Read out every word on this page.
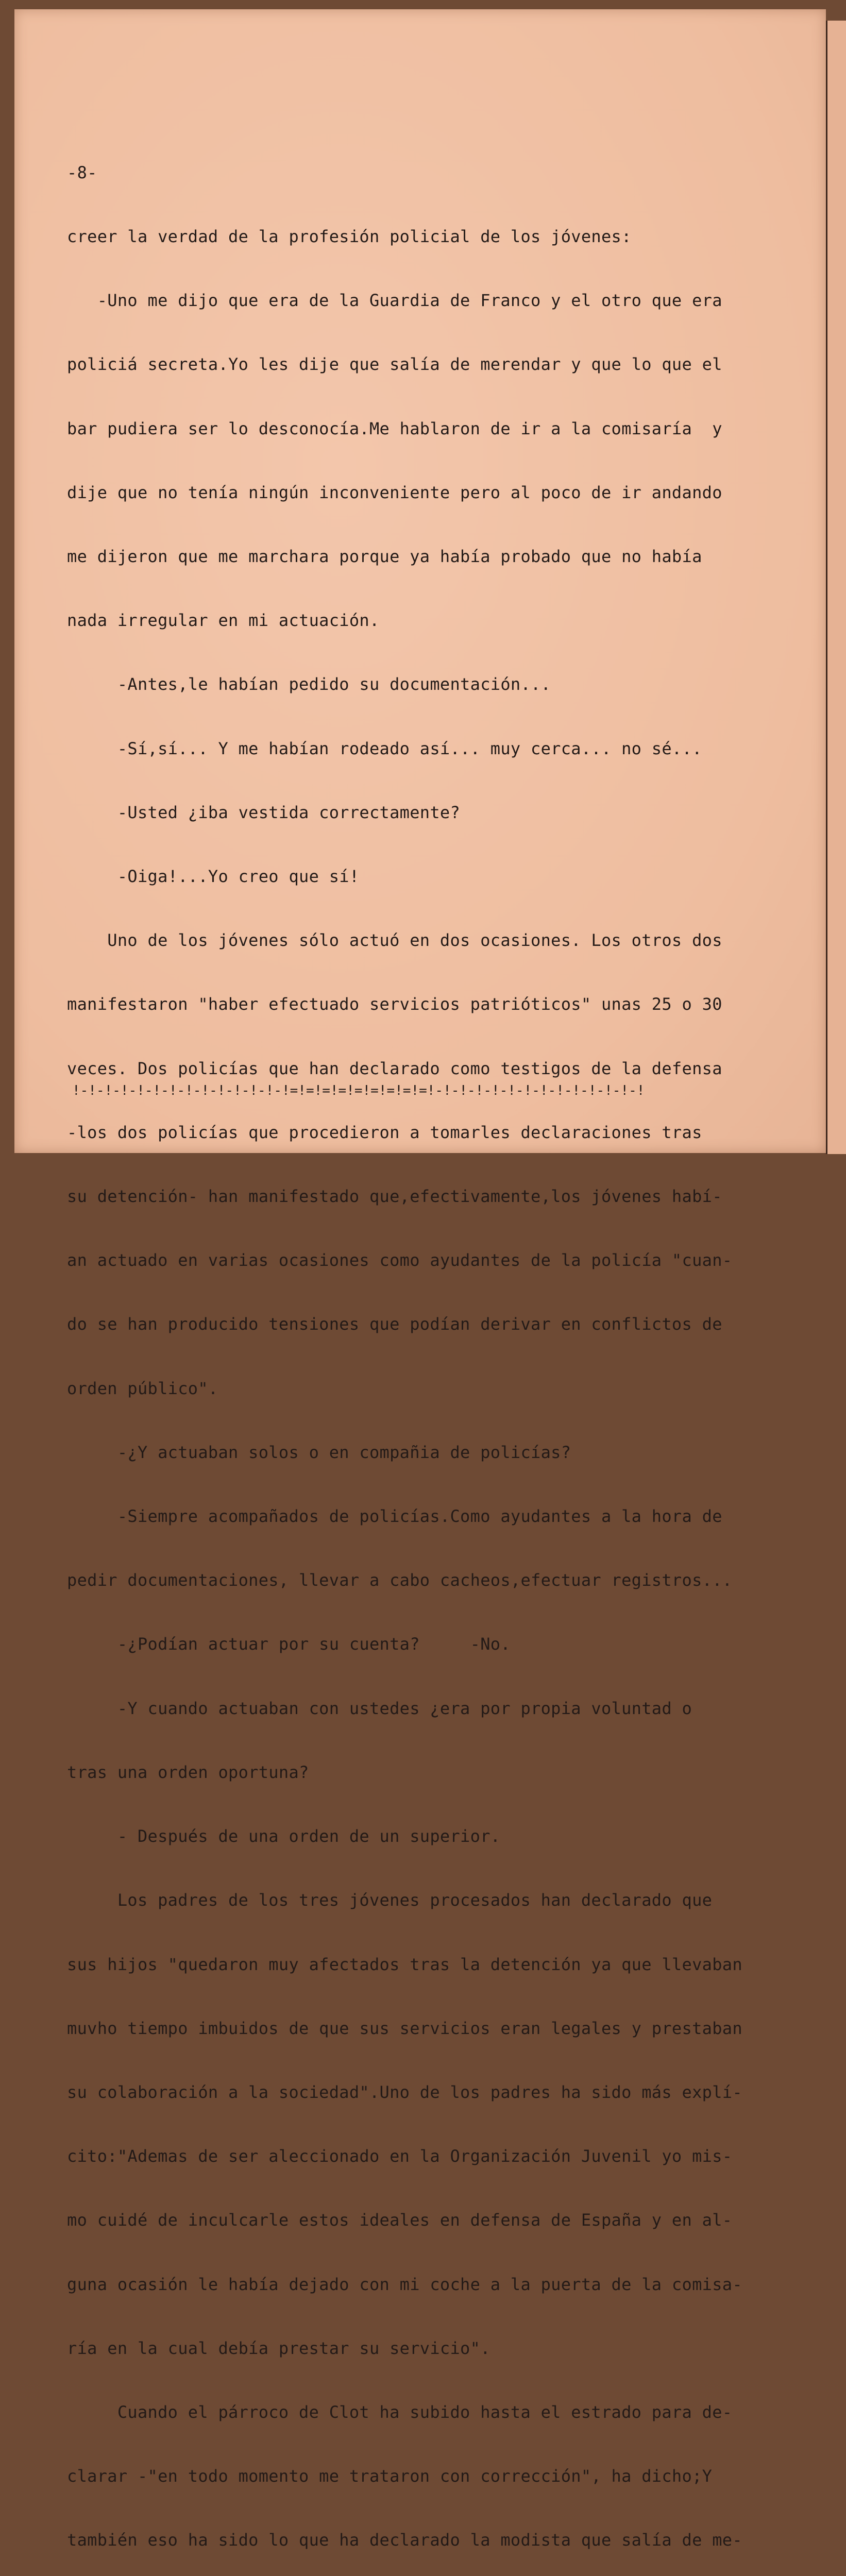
-8-

creer la verdad de la profesión policial de los jóvenes:

-Uno me dijo que era de la Guardia de Franco y el otro que era

policiá secreta.Yo les dije que salía de merendar y que lo que el

bar pudiera ser lo desconocía.Me hablaron de ir a la comisaría  y

dije que no tenía ningún inconveniente pero al poco de ir andando

me dijeron que me marchara porque ya había probado que no había

nada irregular en mi actuación.

-Antes,le habían pedido su documentación...

-Sí,sí... Y me habían rodeado así... muy cerca... no sé...

-Usted ¿iba vestida correctamente?

-Oiga!...Yo creo que sí!

Uno de los jóvenes sólo actuó en dos ocasiones. Los otros dos

manifestaron "haber efectuado servicios patrióticos" unas 25 o 30

veces. Dos policías que han declarado como testigos de la defensa

-los dos policías que procedieron a tomarles declaraciones tras

su detención- han manifestado que,efectivamente,los jóvenes habí-

an actuado en varias ocasiones como ayudantes de la policía "cuan-

do se han producido tensiones que podían derivar en conflictos de

orden público".

-¿Y actuaban solos o en compañia de policías?

-Siempre acompañados de policías.Como ayudantes a la hora de

pedir documentaciones, llevar a cabo cacheos,efectuar registros...

-¿Podían actuar por su cuenta?     -No.

-Y cuando actuaban con ustedes ¿era por propia voluntad o

tras una orden oportuna?

- Después de una orden de un superior.

Los padres de los tres jóvenes procesados han declarado que

sus hijos "quedaron muy afectados tras la detención ya que llevaban

muvho tiempo imbuidos de que sus servicios eran legales y prestaban

su colaboración a la sociedad".Uno de los padres ha sido más explí-

cito:"Ademas de ser aleccionado en la Organización Juvenil yo mis-

mo cuidé de inculcarle estos ideales en defensa de España y en al-

guna ocasión le había dejado con mi coche a la puerta de la comisa-

ría en la cual debía prestar su servicio".

Cuando el párroco de Clot ha subido hasta el estrado para de-

clarar -"en todo momento me trataron con corrección", ha dicho;Y

también eso ha sido lo que ha declarado la modista que salía de me-

!-!-!-!-!-!-!-!-!-!-!-!-!-!=!=!=!=!=!=!=!=!=!-!-!-!-!-!-!-!-!-!-!-!-!-!
